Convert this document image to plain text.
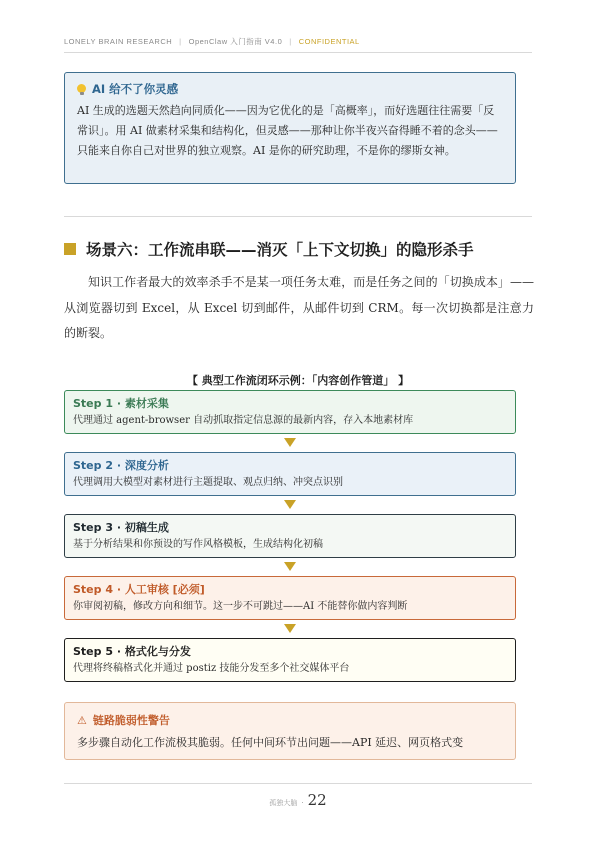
LONELY BRAIN RESEARCH | OpenClaw 入门指南 V4.0 | CONFIDENTIAL
AI 给不了你灵感
AI 生成的选题天然趋向同质化——因为它优化的是「高概率」，而好选题往往需要「反常识」。用 AI 做素材采集和结构化，但灵感——那种让你半夜兴奋得睡不着的念头——只能来自你自己对世界的独立观察。AI 是你的研究助理，不是你的缪斯女神。
场景六：工作流串联——消灭「上下文切换」的隐形杀手
知识工作者最大的效率杀手不是某一项任务太难，而是任务之间的「切换成本」——从浏览器切到 Excel，从 Excel 切到邮件，从邮件切到 CRM。每一次切换都是注意力的断裂。
【 典型工作流闭环示例：「内容创作管道」 】
Step 1 · 素材采集
代理通过 agent-browser 自动抓取指定信息源的最新内容，存入本地素材库
Step 2 · 深度分析
代理调用大模型对素材进行主题提取、观点归纳、冲突点识别
Step 3 · 初稿生成
基于分析结果和你预设的写作风格模板，生成结构化初稿
Step 4 · 人工审核 [必须]
你审阅初稿，修改方向和细节。这一步不可跳过——AI 不能替你做内容判断
Step 5 · 格式化与分发
代理将终稿格式化并通过 postiz 技能分发至多个社交媒体平台
⚠ 链路脆弱性警告
多步骤自动化工作流极其脆弱。任何中间环节出问题——API 延迟、网页格式变
孤独大脑 · 22
